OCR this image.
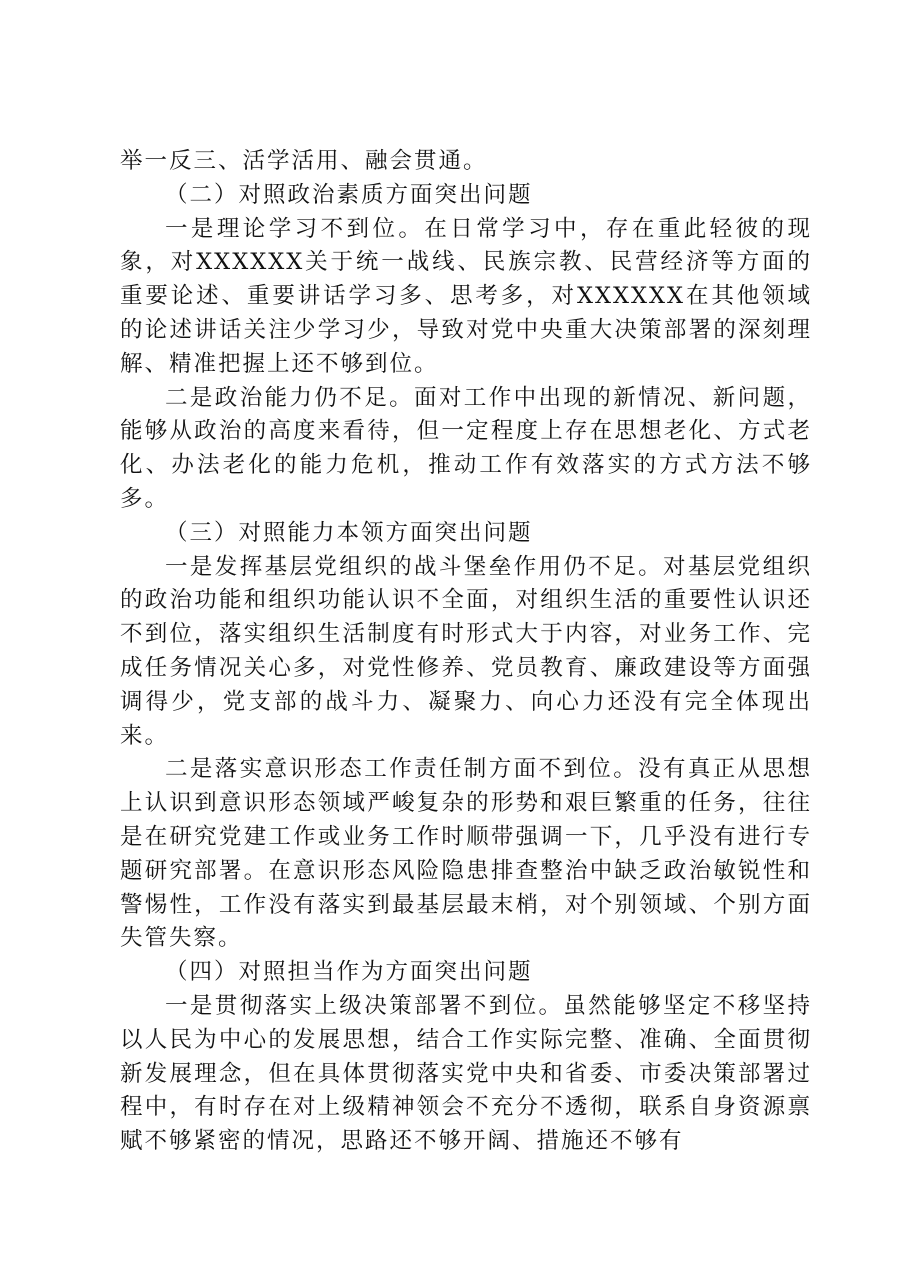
举一反三、活学活用、融会贯通。

（二）对照政治素质方面突出问题

一是理论学习不到位。在日常学习中，存在重此轻彼的现象，对XXXXXX关于统一战线、民族宗教、民营经济等方面的重要论述、重要讲话学习多、思考多，对XXXXXX在其他领域的论述讲话关注少学习少，导致对党中央重大决策部署的深刻理解、精准把握上还不够到位。

二是政治能力仍不足。面对工作中出现的新情况、新问题，能够从政治的高度来看待，但一定程度上存在思想老化、方式老化、办法老化的能力危机，推动工作有效落实的方式方法不够多。

（三）对照能力本领方面突出问题

一是发挥基层党组织的战斗堡垒作用仍不足。对基层党组织的政治功能和组织功能认识不全面，对组织生活的重要性认识还不到位，落实组织生活制度有时形式大于内容，对业务工作、完成任务情况关心多，对党性修养、党员教育、廉政建设等方面强调得少，党支部的战斗力、凝聚力、向心力还没有完全体现出来。

二是落实意识形态工作责任制方面不到位。没有真正从思想上认识到意识形态领域严峻复杂的形势和艰巨繁重的任务，往往是在研究党建工作或业务工作时顺带强调一下，几乎没有进行专题研究部署。在意识形态风险隐患排查整治中缺乏政治敏锐性和警惕性，工作没有落实到最基层最末梢，对个别领域、个别方面失管失察。

（四）对照担当作为方面突出问题

一是贯彻落实上级决策部署不到位。虽然能够坚定不移坚持以人民为中心的发展思想，结合工作实际完整、准确、全面贯彻新发展理念，但在具体贯彻落实党中央和省委、市委决策部署过程中，有时存在对上级精神领会不充分不透彻，联系自身资源禀赋不够紧密的情况，思路还不够开阔、措施还不够有
